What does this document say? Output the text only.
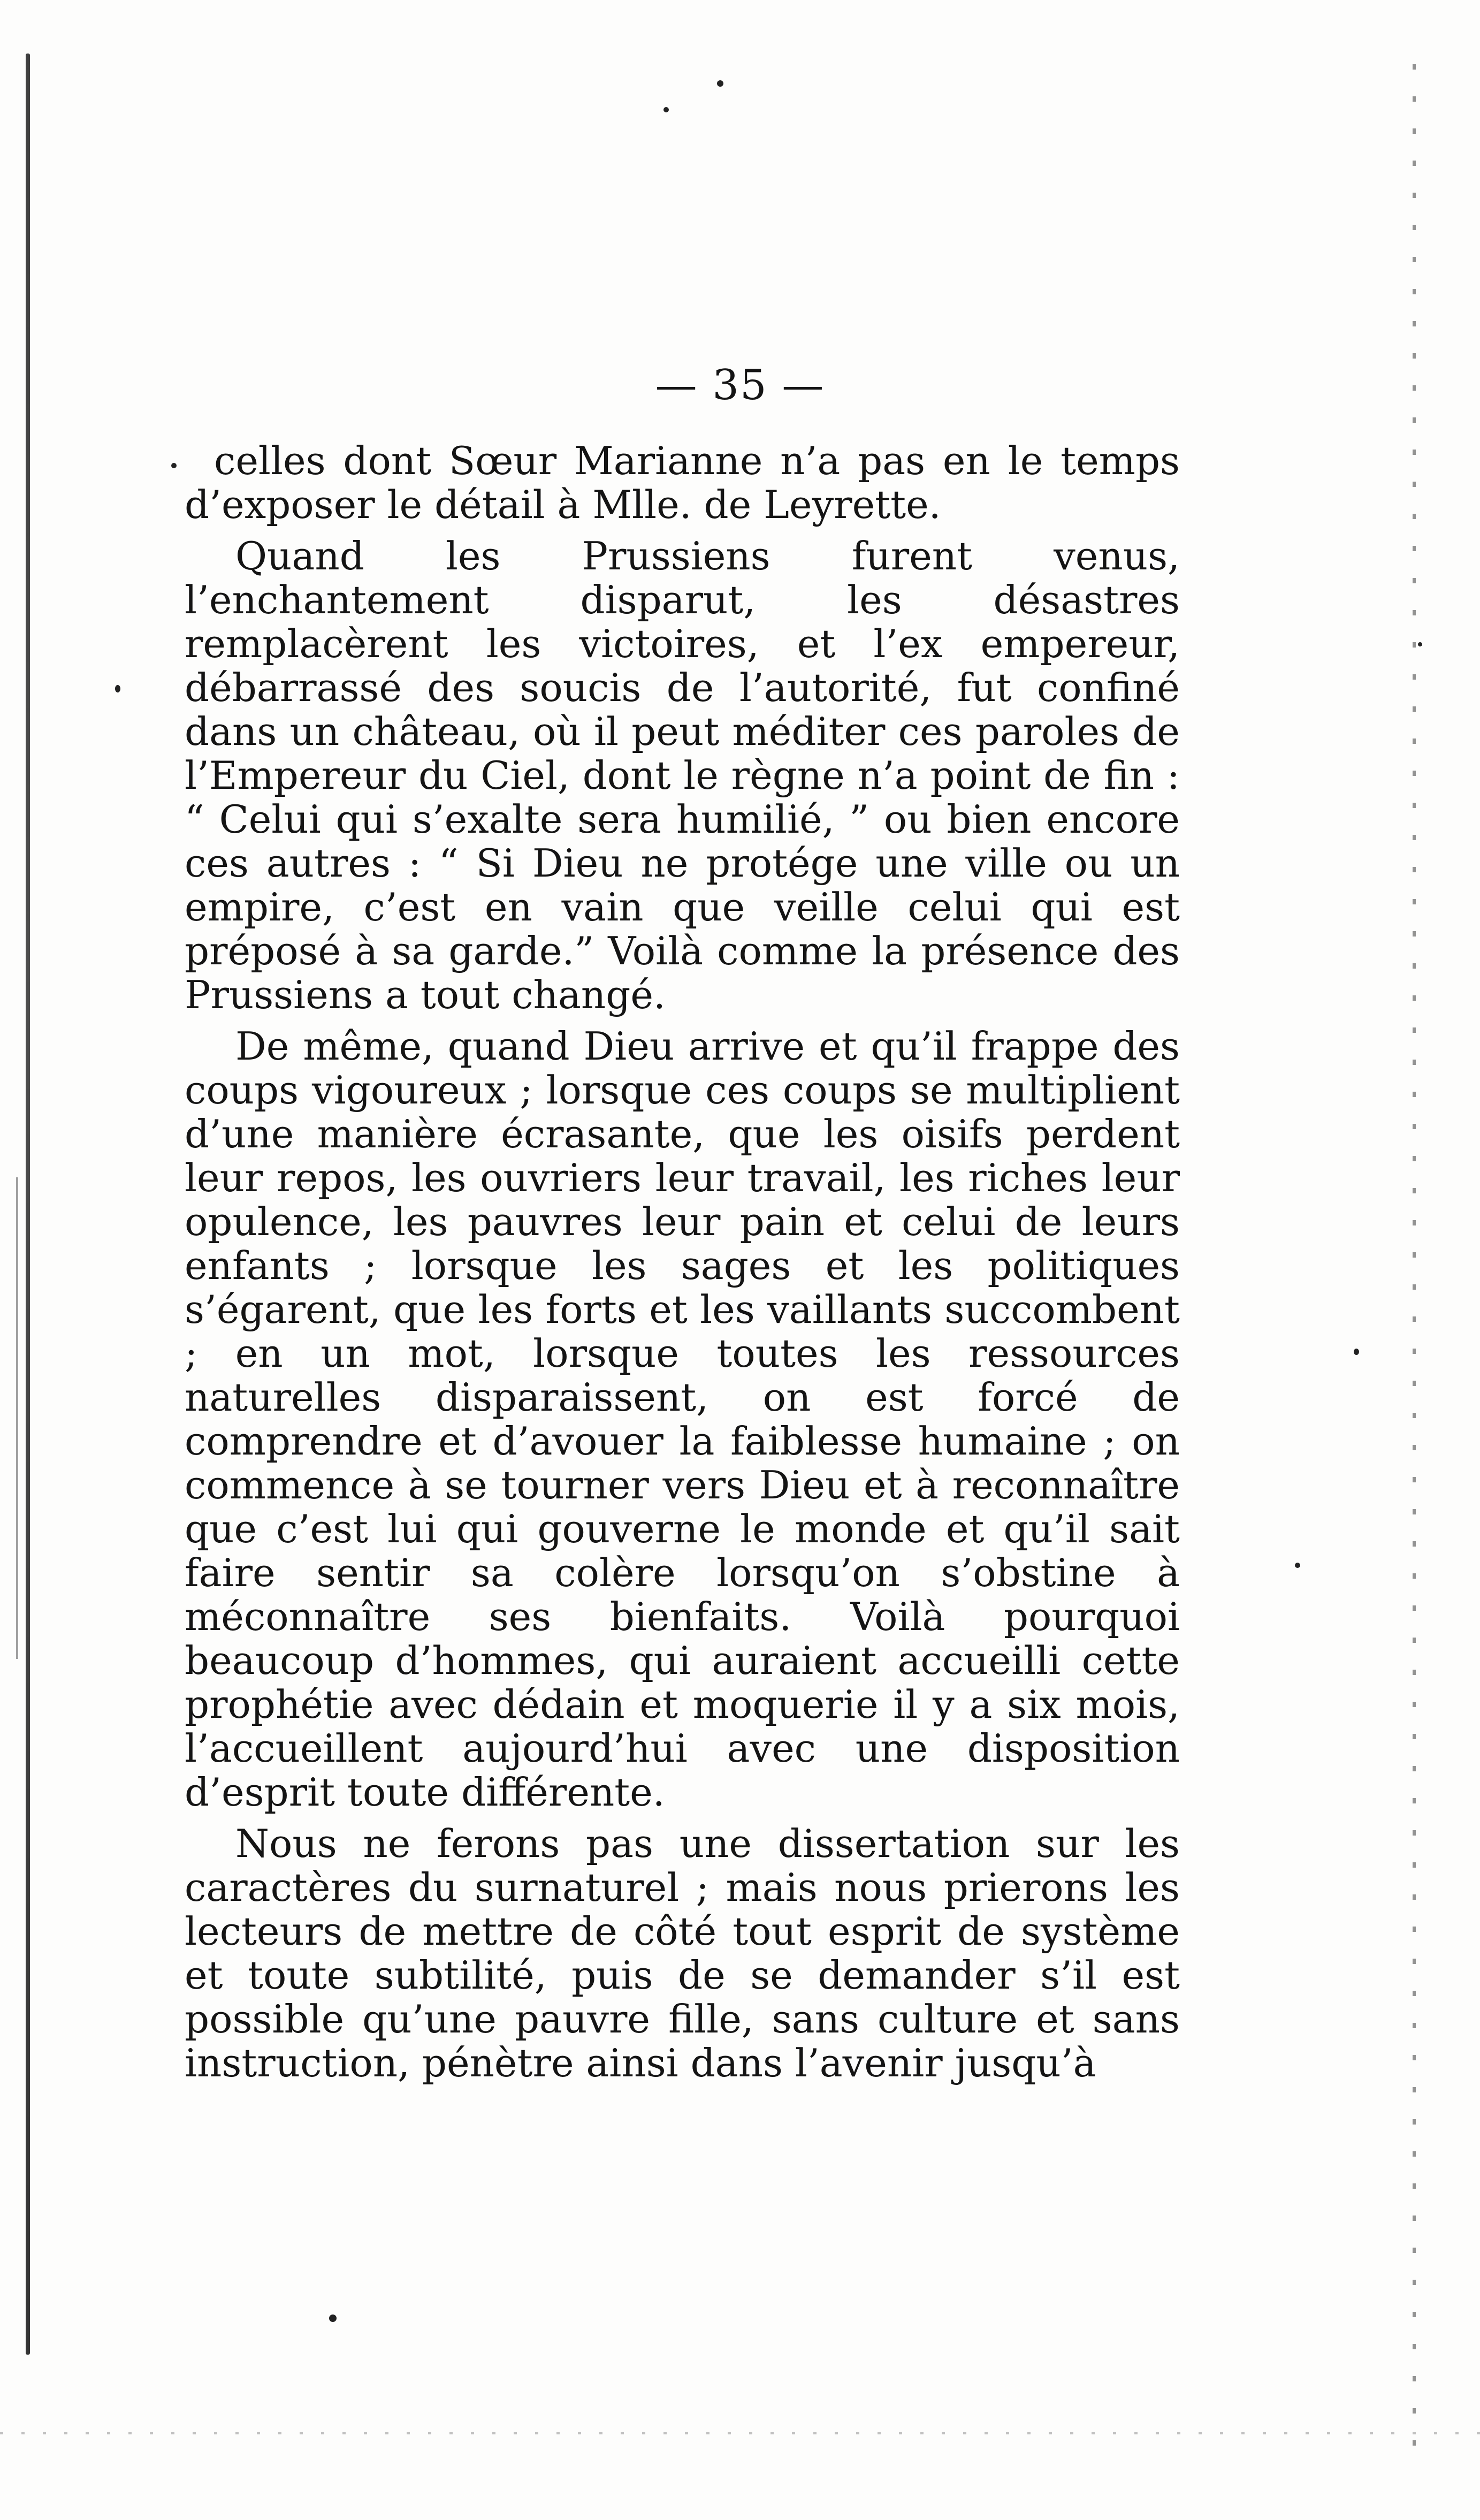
— 35 —

celles dont Sœur Marianne n’a pas en le temps d’exposer le détail à Mlle. de Leyrette.

Quand les Prussiens furent venus, l’enchantement disparut, les désastres remplacèrent les victoires, et l’ex empereur, débarrassé des soucis de l’autorité, fut confiné dans un château, où il peut méditer ces paroles de l’Empereur du Ciel, dont le règne n’a point de fin : “ Celui qui s’exalte sera humilié, ” ou bien encore ces autres : “ Si Dieu ne protége une ville ou un empire, c’est en vain que veille celui qui est préposé à sa garde.” Voilà comme la présence des Prussiens a tout changé.

De même, quand Dieu arrive et qu’il frappe des coups vigoureux ; lorsque ces coups se multiplient d’une manière écrasante, que les oisifs perdent leur repos, les ouvriers leur travail, les riches leur opulence, les pauvres leur pain et celui de leurs enfants ; lorsque les sages et les politiques s’égarent, que les forts et les vaillants succombent ; en un mot, lorsque toutes les ressources naturelles disparaissent, on est forcé de comprendre et d’avouer la faiblesse humaine ; on commence à se tourner vers Dieu et à reconnaître que c’est lui qui gouverne le monde et qu’il sait faire sentir sa colère lorsqu’on s’obstine à méconnaître ses bienfaits. Voilà pourquoi beaucoup d’hommes, qui auraient accueilli cette prophétie avec dédain et moquerie il y a six mois, l’accueillent aujourd’hui avec une disposition d’esprit toute différente.

Nous ne ferons pas une dissertation sur les caractères du surnaturel ; mais nous prierons les lecteurs de mettre de côté tout esprit de système et toute subtilité, puis de se demander s’il est possible qu’une pauvre fille, sans culture et sans instruction, pénètre ainsi dans l’avenir jusqu’à
